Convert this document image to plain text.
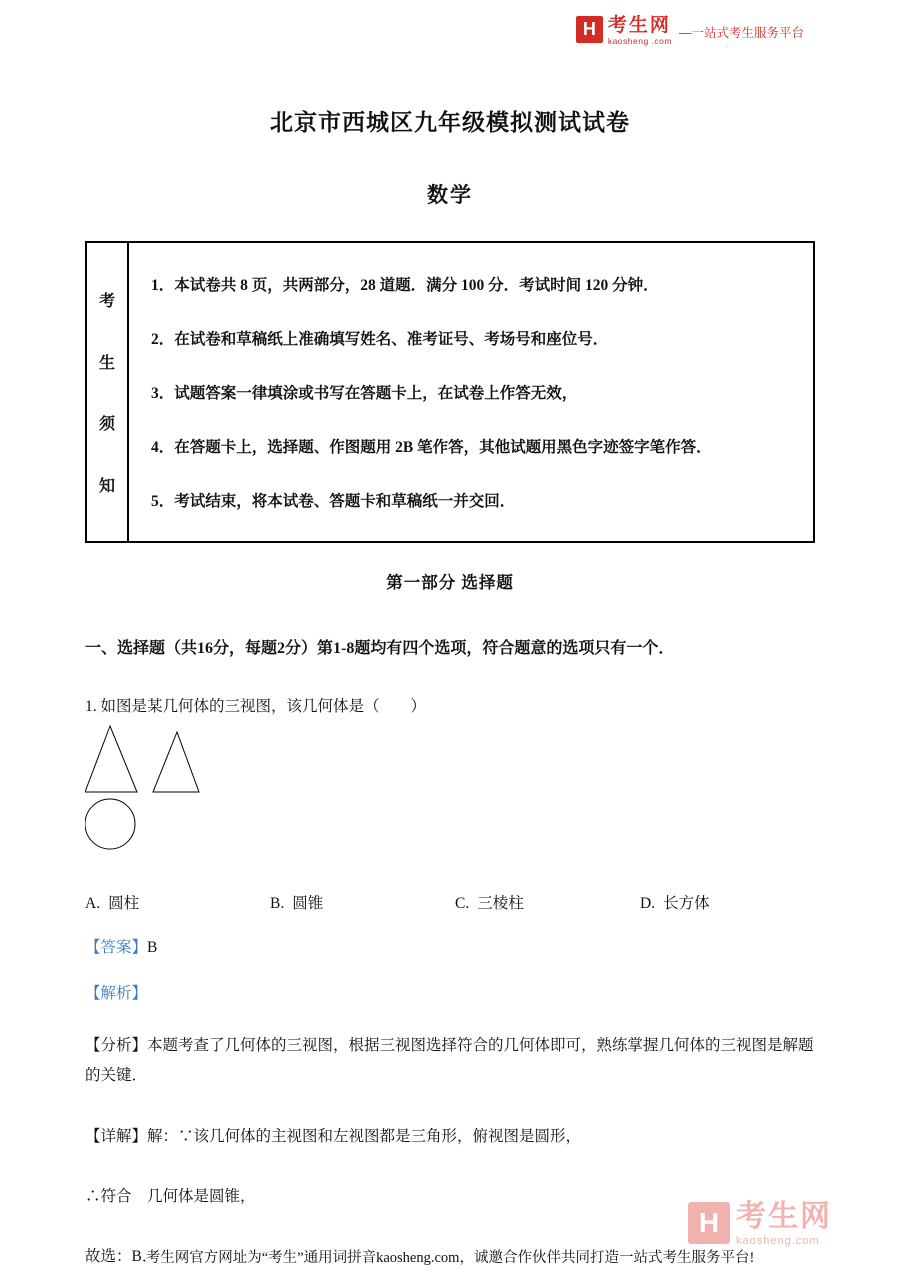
H 考生网
kaosheng .com
—一站式考生服务平台
北京市西城区九年级模拟测试试卷
数学
考
生
须
知
1．本试卷共 8 页，共两部分，28 道题．满分 100 分．考试时间 120 分钟．
2．在试卷和草稿纸上准确填写姓名、准考证号、考场号和座位号．
3．试题答案一律填涂或书写在答题卡上，在试卷上作答无效，
4．在答题卡上，选择题、作图题用 2B 笔作答，其他试题用黑色字迹签字笔作答．
5．考试结束，将本试卷、答题卡和草稿纸一并交回．
第一部分 选择题
一、选择题（共16分，每题2分）第1-8题均有四个选项，符合题意的选项只有一个．
1. 如图是某几何体的三视图，该几何体是（　　）
A. 圆柱	B. 圆锥	C. 三棱柱	D. 长方体
【答案】B
【解析】
【分析】本题考查了几何体的三视图，根据三视图选择符合的几何体即可，熟练掌握几何体的三视图是解题的关键．
【详解】解：∵该几何体的主视图和左视图都是三角形，俯视图是圆形，
∴符合　几何体是圆锥，
故选：B．
H 考生网
kaosheng.com
考生网官方网址为“考生”通用词拼音kaosheng.com，诚邀合作伙伴共同打造一站式考生服务平台!
